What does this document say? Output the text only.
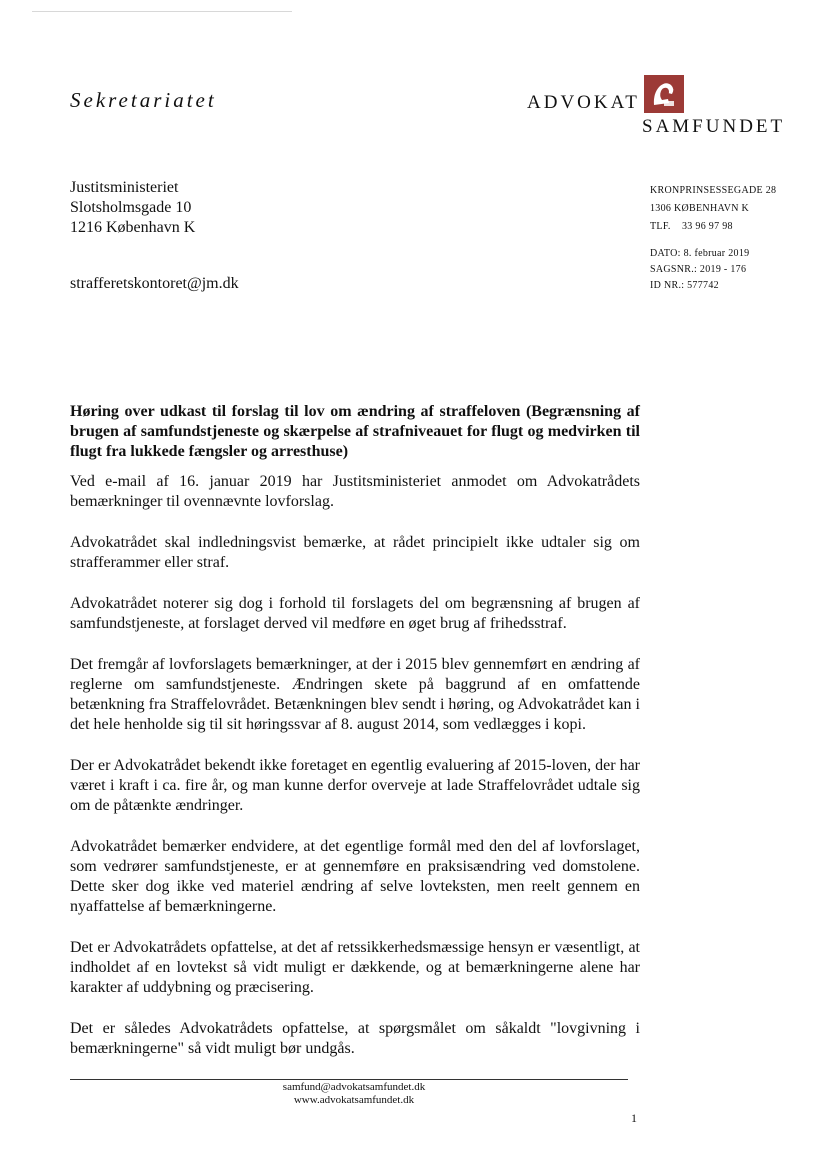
Sekretariatet	ADVOKAT
SAMFUNDET
Justitsministeriet
Slotsholmsgade 10
1216 København K
strafferetskontoret@jm.dk
KRONPRINSESSEGADE 28
1306 KØBENHAVN K
TLF. 33 96 97 98
DATO: 8. februar 2019
SAGSNR.: 2019 - 176
ID NR.: 577742
Høring over udkast til forslag til lov om ændring af straffeloven (Begrænsning af brugen af samfundstjeneste og skærpelse af strafniveauet for flugt og medvirken til flugt fra lukkede fængsler og arresthuse)

Ved e-mail af 16. januar 2019 har Justitsministeriet anmodet om Advokatrådets bemærkninger til ovennævnte lovforslag.

Advokatrådet skal indledningsvist bemærke, at rådet principielt ikke udtaler sig om strafferammer eller straf.

Advokatrådet noterer sig dog i forhold til forslagets del om begrænsning af brugen af samfundstjeneste, at forslaget derved vil medføre en øget brug af frihedsstraf.

Det fremgår af lovforslagets bemærkninger, at der i 2015 blev gennemført en ændring af reglerne om samfundstjeneste. Ændringen skete på baggrund af en omfattende betænkning fra Straffelovrådet. Betænkningen blev sendt i høring, og Advokatrådet kan i det hele henholde sig til sit høringssvar af 8. august 2014, som vedlægges i kopi.

Der er Advokatrådet bekendt ikke foretaget en egentlig evaluering af 2015-loven, der har været i kraft i ca. fire år, og man kunne derfor overveje at lade Straffelovrådet udtale sig om de påtænkte ændringer.

Advokatrådet bemærker endvidere, at det egentlige formål med den del af lovforslaget, som vedrører samfundstjeneste, er at gennemføre en praksisændring ved domstolene. Dette sker dog ikke ved materiel ændring af selve lovteksten, men reelt gennem en nyaffattelse af bemærkningerne.

Det er Advokatrådets opfattelse, at det af retssikkerhedsmæssige hensyn er væsentligt, at indholdet af en lovtekst så vidt muligt er dækkende, og at bemærkningerne alene har karakter af uddybning og præcisering.

Det er således Advokatrådets opfattelse, at spørgsmålet om såkaldt "lovgivning i bemærkningerne" så vidt muligt bør undgås.

samfund@advokatsamfundet.dk
www.advokatsamfundet.dk
1
